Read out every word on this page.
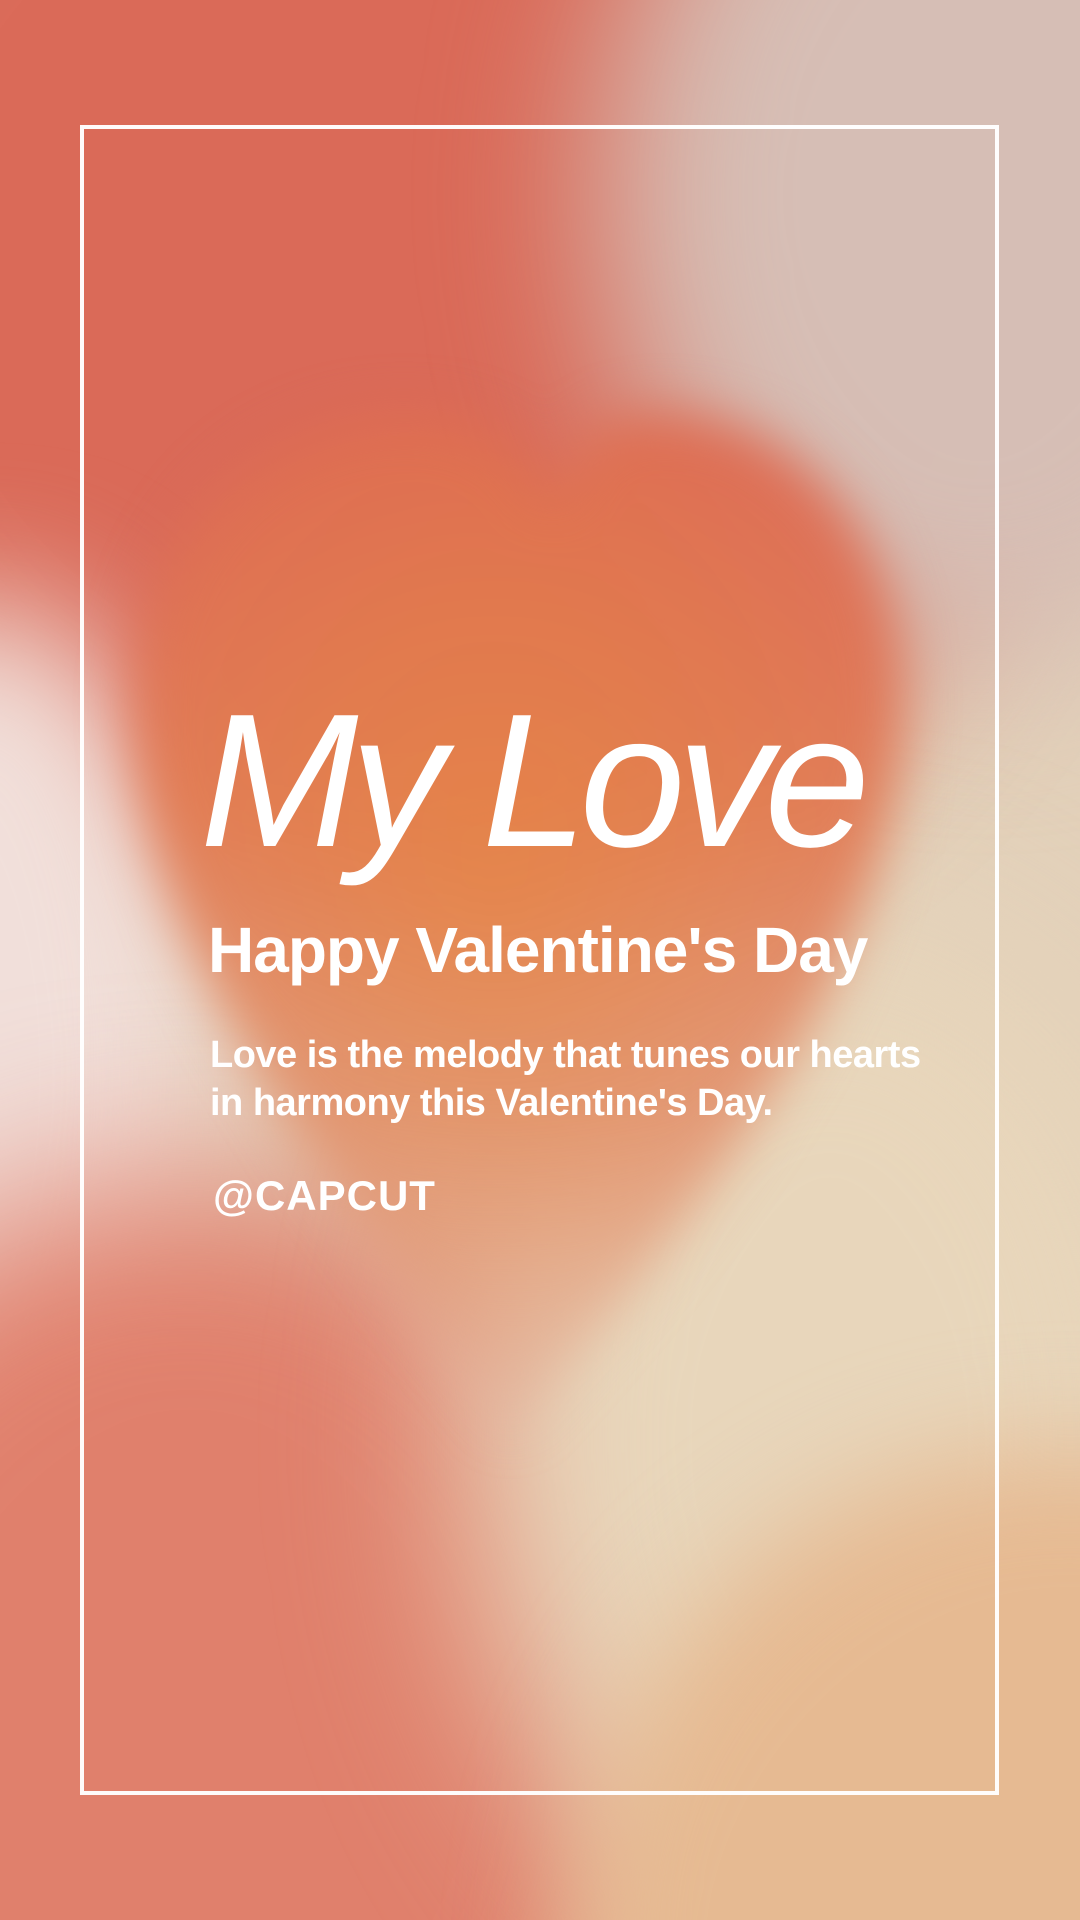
My Love
Happy Valentine's Day
Love is the melody that tunes our hearts
in harmony this Valentine's Day.
@CAPCUT
